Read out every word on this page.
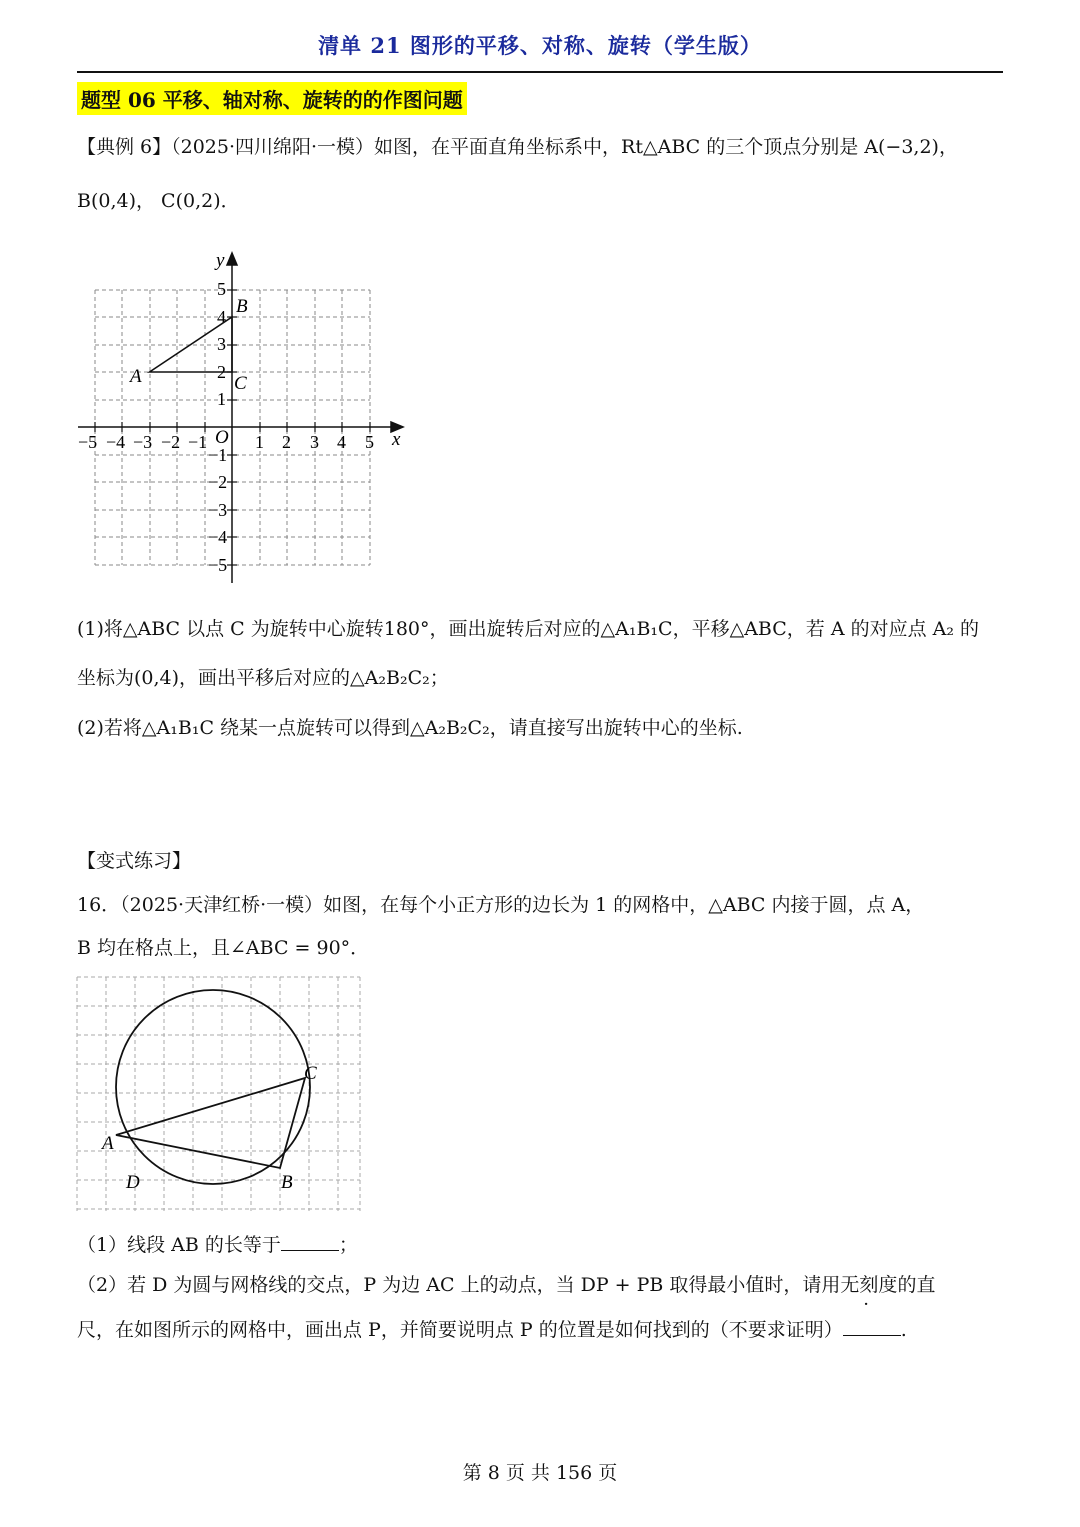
清单 21 图形的平移、对称、旋转（学生版）
题型 06 平移、轴对称、旋转的的作图问题
【典例 6】（2025·四川绵阳·一模）如图，在平面直角坐标系中，Rt△ABC 的三个顶点分别是 A(−3,2)，
B(0,4)， C(0,2)．
−5 −4 −3 −2 −1	1 2 3 4 5
1
2
3
4
5
−1
−2
−3
−4
−5
O	x
y
A
B
C
(1)将△ABC 以点 C 为旋转中心旋转180°，画出旋转后对应的△A₁B₁C，平移△ABC，若 A 的对应点 A₂ 的
坐标为(0,4)，画出平移后对应的△A₂B₂C₂；
(2)若将△A₁B₁C 绕某一点旋转可以得到△A₂B₂C₂，请直接写出旋转中心的坐标.
【变式练习】
16．（2025·天津红桥·一模）如图，在每个小正方形的边长为 1 的网格中，△ABC 内接于圆，点 A，
B 均在格点上，且∠ABC = 90°．
A
B
C
D
（1）线段 AB 的长等于	；
（2）若 D 为圆与网格线的交点，P 为边 AC 上的动点，当 DP + PB 取得最小值时，请用无刻度的直
尺，在如图所示的网格中，画出点 P，并简要说明点 P 的位置是如何找到的（不要求证明）	.
第 8 页 共 156 页
